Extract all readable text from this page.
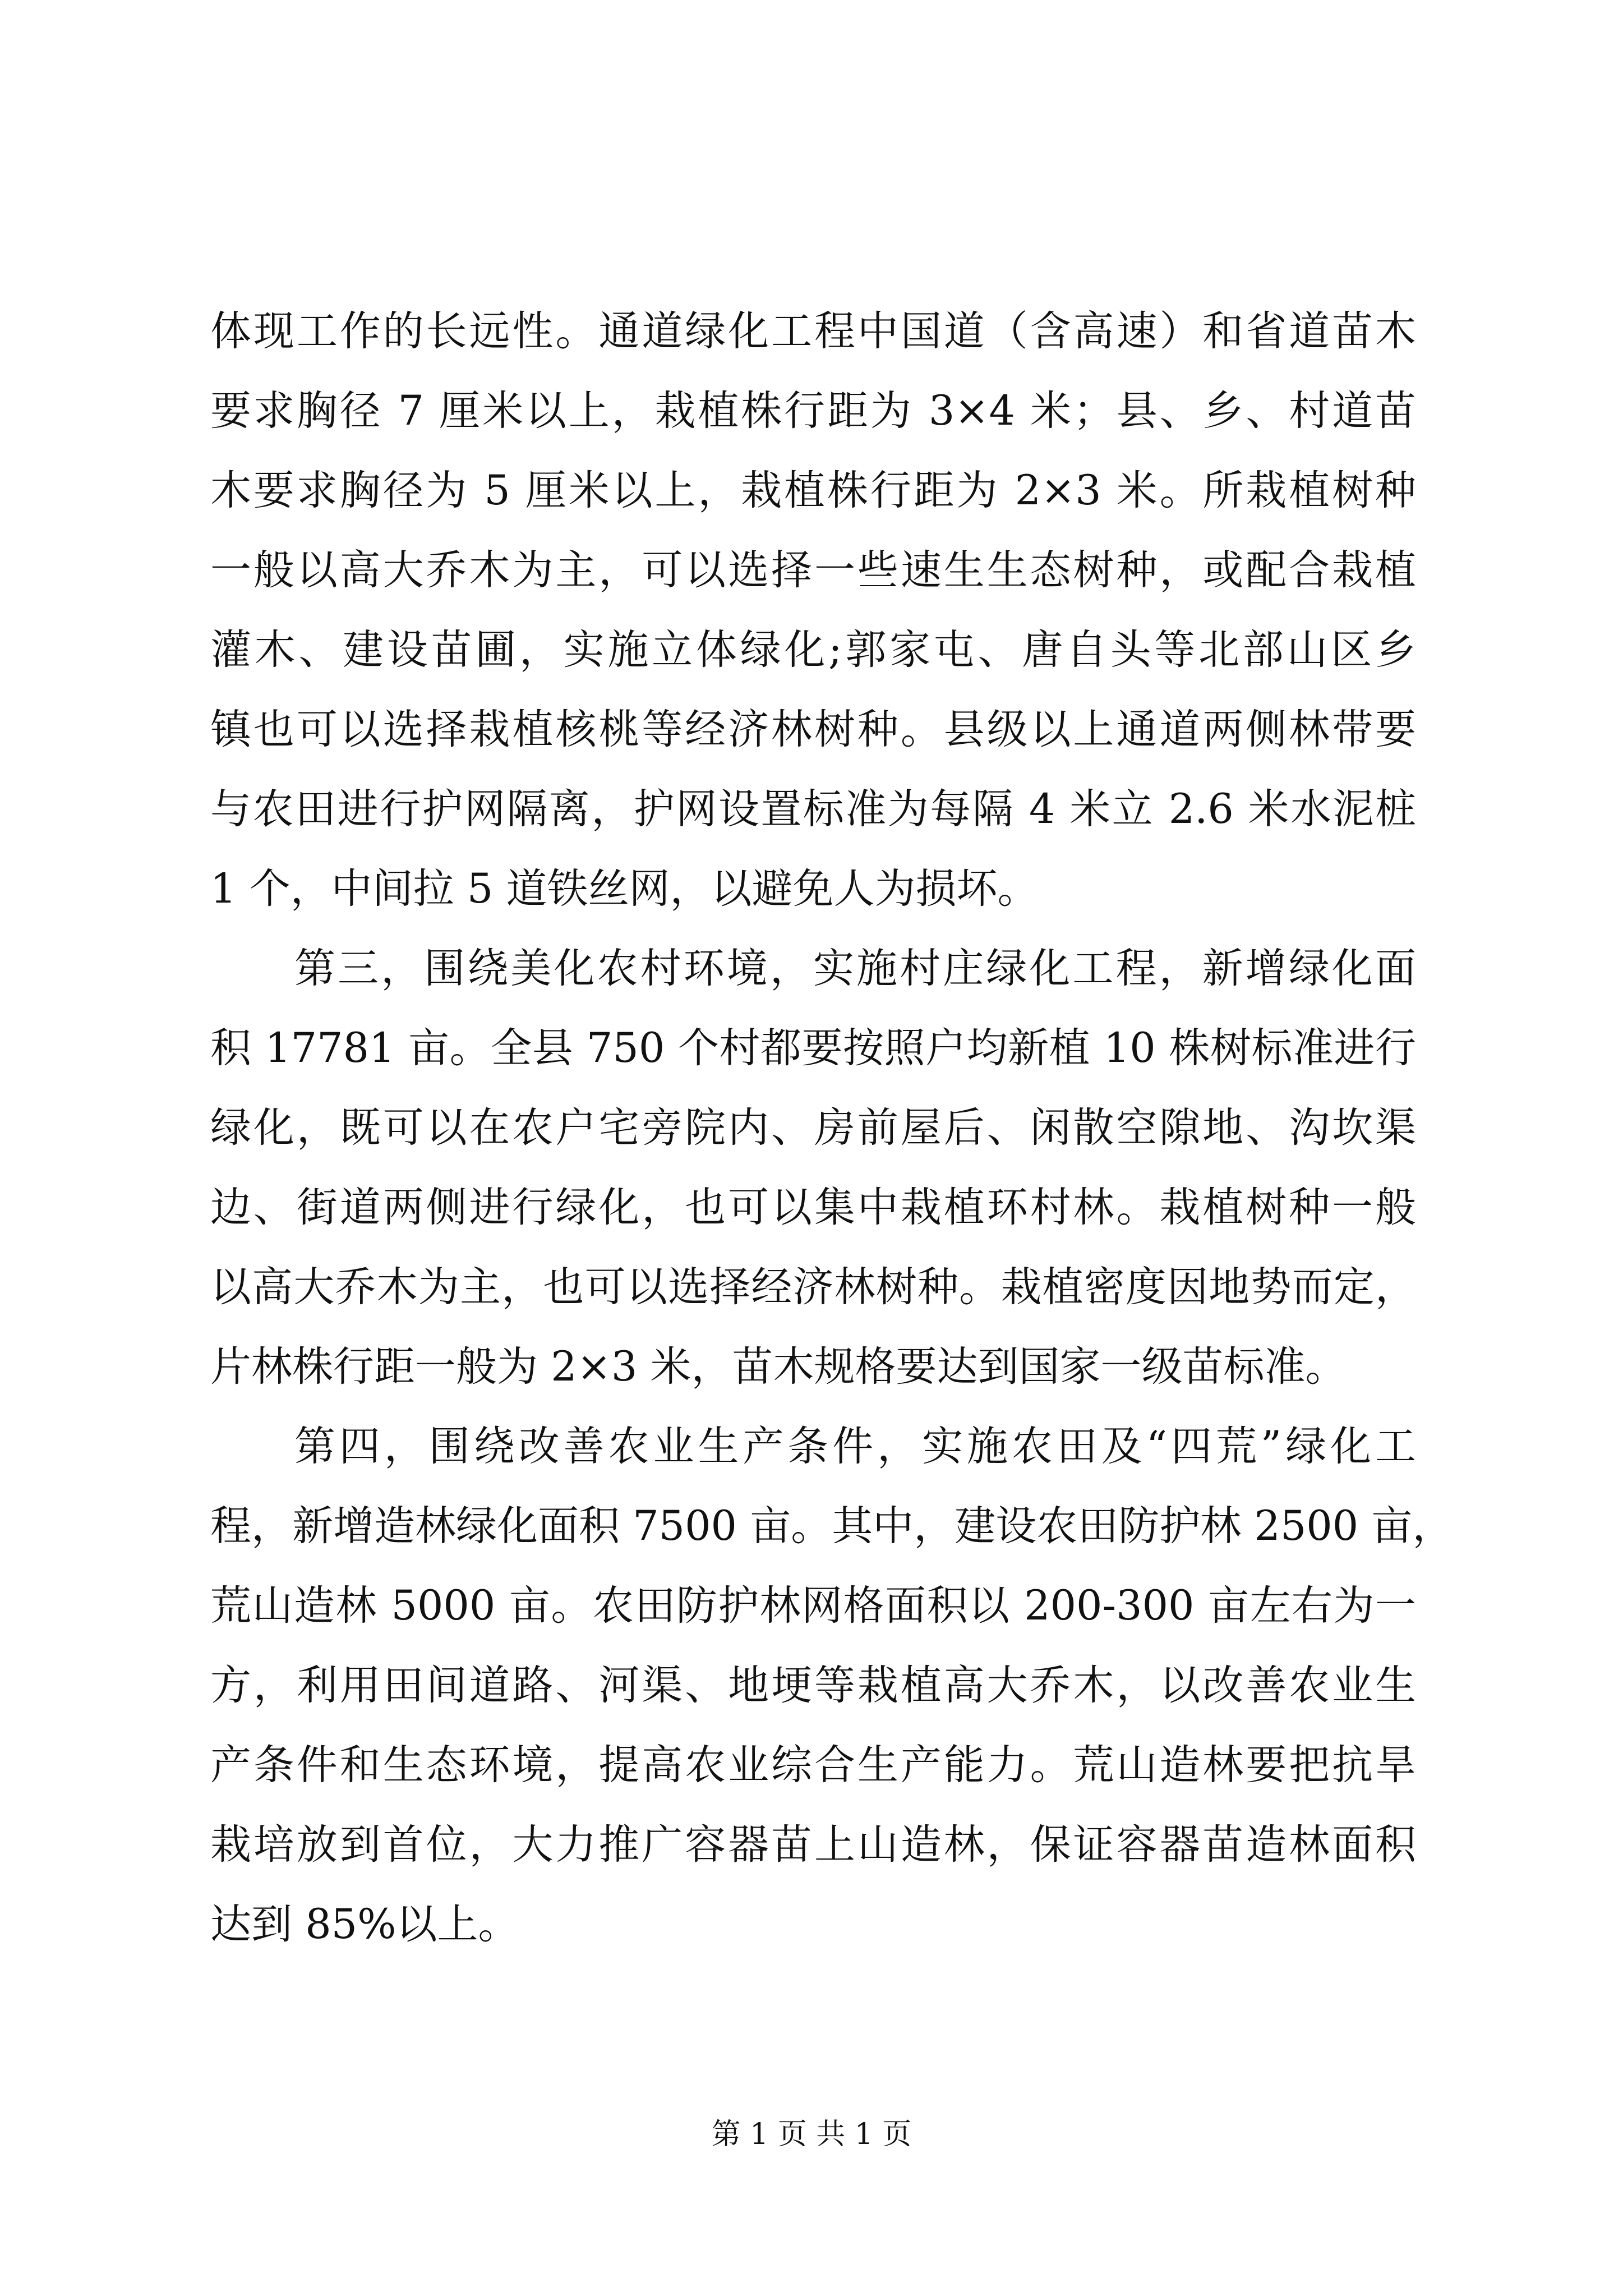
体现工作的长远性。通道绿化工程中国道（含高速）和省道苗木
要求胸径 7 厘米以上，栽植株行距为 3×4 米；县、乡、村道苗
木要求胸径为 5 厘米以上，栽植株行距为 2×3 米。所栽植树种
一般以高大乔木为主，可以选择一些速生生态树种，或配合栽植
灌木、建设苗圃，实施立体绿化;郭家屯、唐自头等北部山区乡
镇也可以选择栽植核桃等经济林树种。县级以上通道两侧林带要
与农田进行护网隔离，护网设置标准为每隔 4 米立 2.6 米水泥桩
1 个，中间拉 5 道铁丝网，以避免人为损坏。
第三，围绕美化农村环境，实施村庄绿化工程，新增绿化面
积 17781 亩。全县 750 个村都要按照户均新植 10 株树标准进行
绿化，既可以在农户宅旁院内、房前屋后、闲散空隙地、沟坎渠
边、街道两侧进行绿化，也可以集中栽植环村林。栽植树种一般
以高大乔木为主，也可以选择经济林树种。栽植密度因地势而定，
片林株行距一般为 2×3 米，苗木规格要达到国家一级苗标准。
第四，围绕改善农业生产条件，实施农田及“四荒”绿化工
程，新增造林绿化面积 7500 亩。其中，建设农田防护林 2500 亩，
荒山造林 5000 亩。农田防护林网格面积以 200-300 亩左右为一
方，利用田间道路、河渠、地埂等栽植高大乔木，以改善农业生
产条件和生态环境，提高农业综合生产能力。荒山造林要把抗旱
栽培放到首位，大力推广容器苗上山造林，保证容器苗造林面积
达到 85%以上。
第 1 页 共 1 页
